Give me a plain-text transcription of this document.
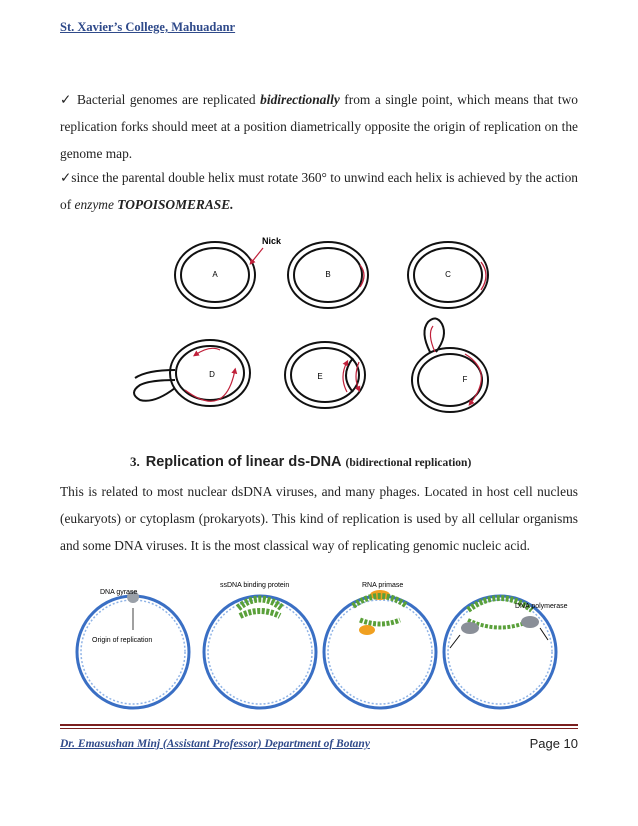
St. Xavier’s College, Mahuadanr
✓ Bacterial genomes are replicated bidirectionally from a single point, which means that two replication forks should meet at a position diametrically opposite the origin of replication on the genome map.
✓since the parental double helix must rotate 360° to unwind each helix is achieved by the action of enzyme TOPOISOMERASE.
A
Nick
B	C
D	E	F
3. Replication of linear ds-DNA (bidirectional replication)
This is related to most nuclear dsDNA viruses, and many phages. Located in host cell nucleus (eukaryots) or cytoplasm (prokaryots). This kind of replication is used by all cellular organisms and some DNA viruses. It is the most classical way of replicating genomic nucleic acid.
DNA gyrase
Origin of replication
ssDNA binding protein	RNA primase
DNA polymerase
Dr. Emasushan Minj (Assistant Professor) Department of Botany	Page 10
